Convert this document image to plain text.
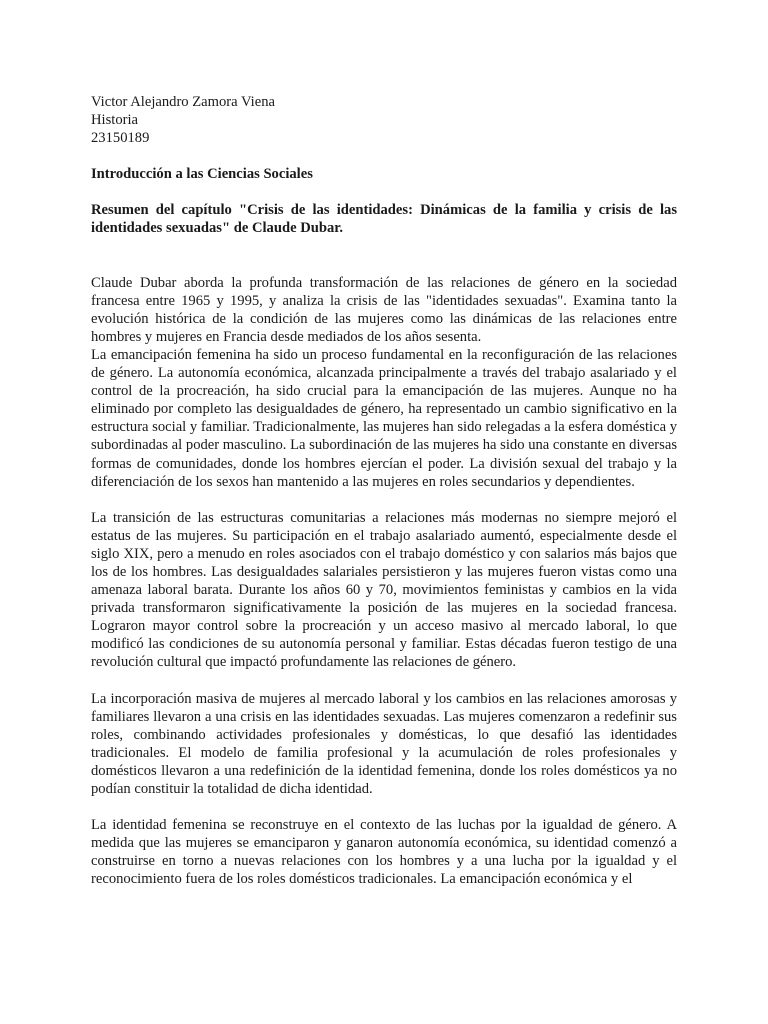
Victor Alejandro Zamora Viena
Historia
23150189
Introducción a las Ciencias Sociales
Resumen del capítulo "Crisis de las identidades: Dinámicas de la familia y crisis de las identidades sexuadas" de Claude Dubar.
Claude Dubar aborda la profunda transformación de las relaciones de género en la sociedad francesa entre 1965 y 1995, y analiza la crisis de las "identidades sexuadas". Examina tanto la evolución histórica de la condición de las mujeres como las dinámicas de las relaciones entre hombres y mujeres en Francia desde mediados de los años sesenta.
La emancipación femenina ha sido un proceso fundamental en la reconfiguración de las relaciones de género. La autonomía económica, alcanzada principalmente a través del trabajo asalariado y el control de la procreación, ha sido crucial para la emancipación de las mujeres. Aunque no ha eliminado por completo las desigualdades de género, ha representado un cambio significativo en la estructura social y familiar. Tradicionalmente, las mujeres han sido relegadas a la esfera doméstica y subordinadas al poder masculino. La subordinación de las mujeres ha sido una constante en diversas formas de comunidades, donde los hombres ejercían el poder. La división sexual del trabajo y la diferenciación de los sexos han mantenido a las mujeres en roles secundarios y dependientes.
La transición de las estructuras comunitarias a relaciones más modernas no siempre mejoró el estatus de las mujeres. Su participación en el trabajo asalariado aumentó, especialmente desde el siglo XIX, pero a menudo en roles asociados con el trabajo doméstico y con salarios más bajos que los de los hombres. Las desigualdades salariales persistieron y las mujeres fueron vistas como una amenaza laboral barata. Durante los años 60 y 70, movimientos feministas y cambios en la vida privada transformaron significativamente la posición de las mujeres en la sociedad francesa. Lograron mayor control sobre la procreación y un acceso masivo al mercado laboral, lo que modificó las condiciones de su autonomía personal y familiar. Estas décadas fueron testigo de una revolución cultural que impactó profundamente las relaciones de género.
La incorporación masiva de mujeres al mercado laboral y los cambios en las relaciones amorosas y familiares llevaron a una crisis en las identidades sexuadas. Las mujeres comenzaron a redefinir sus roles, combinando actividades profesionales y domésticas, lo que desafió las identidades tradicionales. El modelo de familia profesional y la acumulación de roles profesionales y domésticos llevaron a una redefinición de la identidad femenina, donde los roles domésticos ya no podían constituir la totalidad de dicha identidad.
La identidad femenina se reconstruye en el contexto de las luchas por la igualdad de género. A medida que las mujeres se emanciparon y ganaron autonomía económica, su identidad comenzó a construirse en torno a nuevas relaciones con los hombres y a una lucha por la igualdad y el reconocimiento fuera de los roles domésticos tradicionales. La emancipación económica y el
